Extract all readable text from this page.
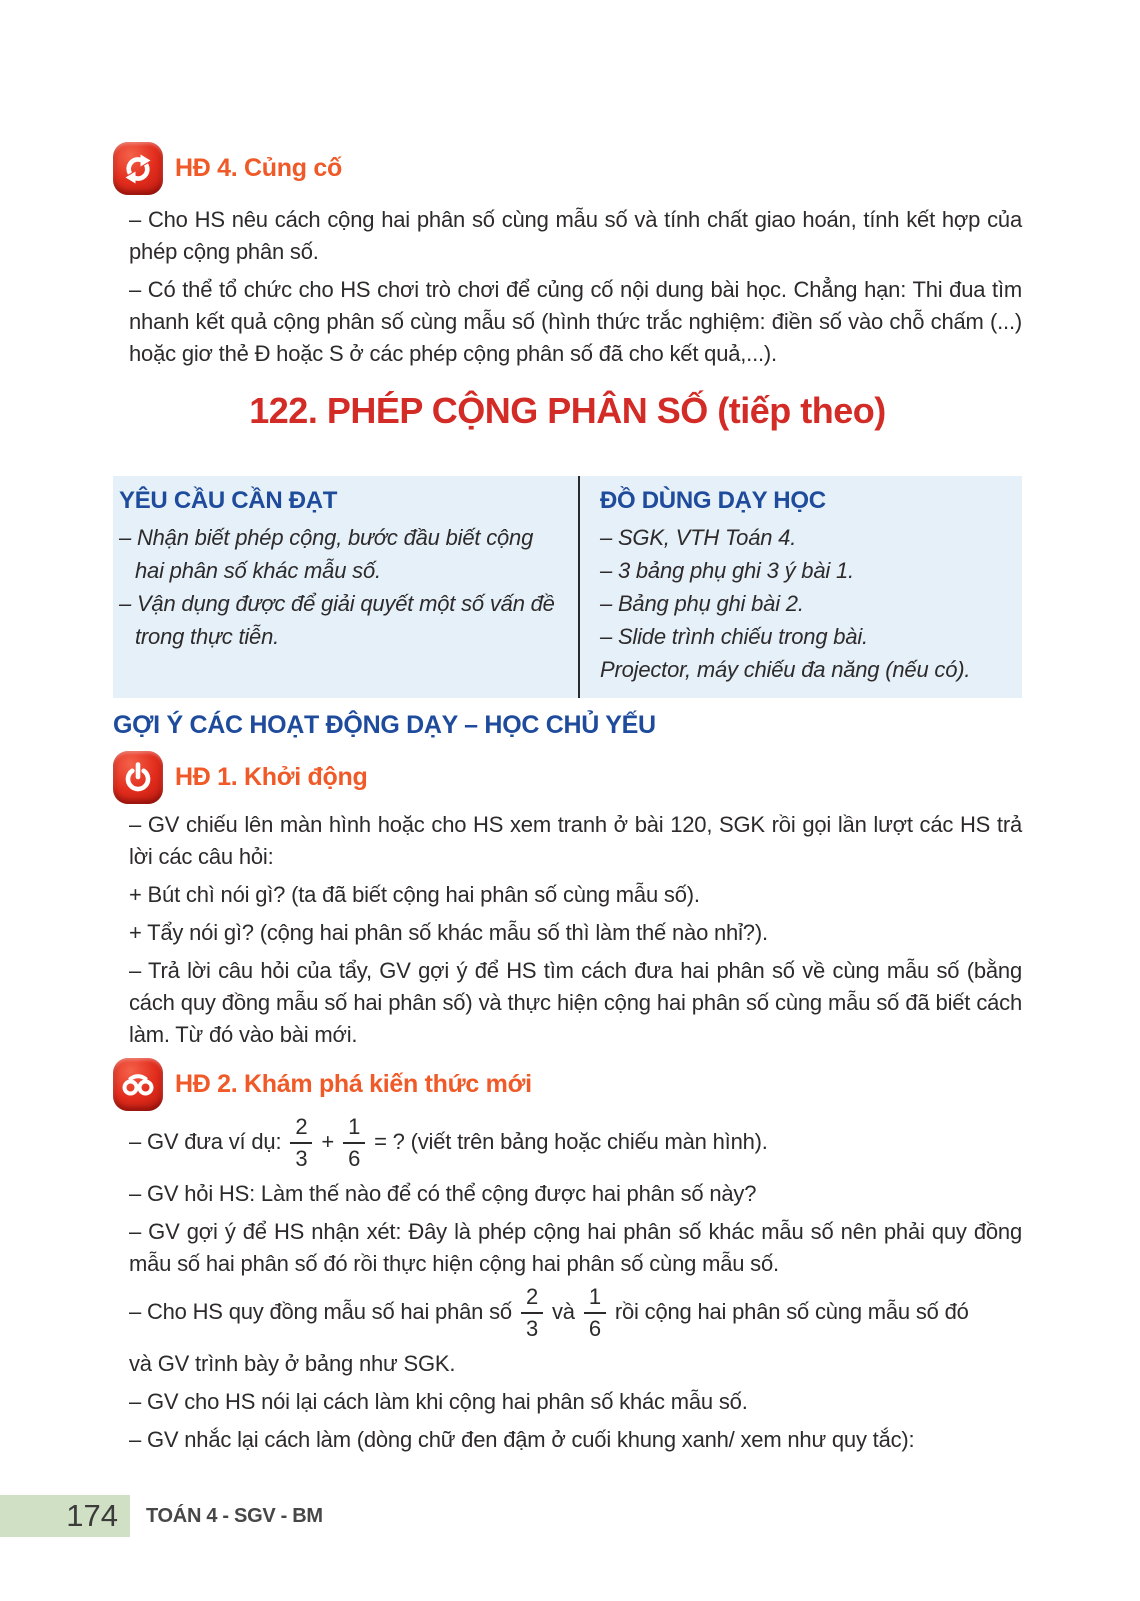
HĐ 4. Củng cố

– Cho HS nêu cách cộng hai phân số cùng mẫu số và tính chất giao hoán, tính kết hợp của phép cộng phân số.

– Có thể tổ chức cho HS chơi trò chơi để củng cố nội dung bài học. Chẳng hạn: Thi đua tìm nhanh kết quả cộng phân số cùng mẫu số (hình thức trắc nghiệm: điền số vào chỗ chấm (...) hoặc giơ thẻ Đ hoặc S ở các phép cộng phân số đã cho kết quả,...).

122. PHÉP CỘNG PHÂN SỐ (tiếp theo)
YÊU CẦU CẦN ĐẠT
– Nhận biết phép cộng, bước đầu biết cộng hai phân số khác mẫu số.
– Vận dụng được để giải quyết một số vấn đề trong thực tiễn.
ĐỒ DÙNG DẠY HỌC
– SGK, VTH Toán 4.
– 3 bảng phụ ghi 3 ý bài 1.
– Bảng phụ ghi bài 2.
– Slide trình chiếu trong bài.
Projector, máy chiếu đa năng (nếu có).
GỢI Ý CÁC HOẠT ĐỘNG DẠY – HỌC CHỦ YẾU
HĐ 1. Khởi động

– GV chiếu lên màn hình hoặc cho HS xem tranh ở bài 120, SGK rồi gọi lần lượt các HS trả lời các câu hỏi:

+ Bút chì nói gì? (ta đã biết cộng hai phân số cùng mẫu số).

+ Tẩy nói gì? (cộng hai phân số khác mẫu số thì làm thế nào nhỉ?).

– Trả lời câu hỏi của tẩy, GV gợi ý để HS tìm cách đưa hai phân số về cùng mẫu số (bằng cách quy đồng mẫu số hai phân số) và thực hiện cộng hai phân số cùng mẫu số đã biết cách làm. Từ đó vào bài mới.

HĐ 2. Khám phá kiến thức mới

– GV đưa ví dụ: $\frac{2}{3} + \frac{1}{6}$ = ? (viết trên bảng hoặc chiếu màn hình).

– GV hỏi HS: Làm thế nào để có thể cộng được hai phân số này?

– GV gợi ý để HS nhận xét: Đây là phép cộng hai phân số khác mẫu số nên phải quy đồng mẫu số hai phân số đó rồi thực hiện cộng hai phân số cùng mẫu số.

– Cho HS quy đồng mẫu số hai phân số $\frac{2}{3}$ và $\frac{1}{6}$ rồi cộng hai phân số cùng mẫu số đó

và GV trình bày ở bảng như SGK.

– GV cho HS nói lại cách làm khi cộng hai phân số khác mẫu số.

– GV nhắc lại cách làm (dòng chữ đen đậm ở cuối khung xanh/ xem như quy tắc):

174 TOÁN 4 - SGV - BM
